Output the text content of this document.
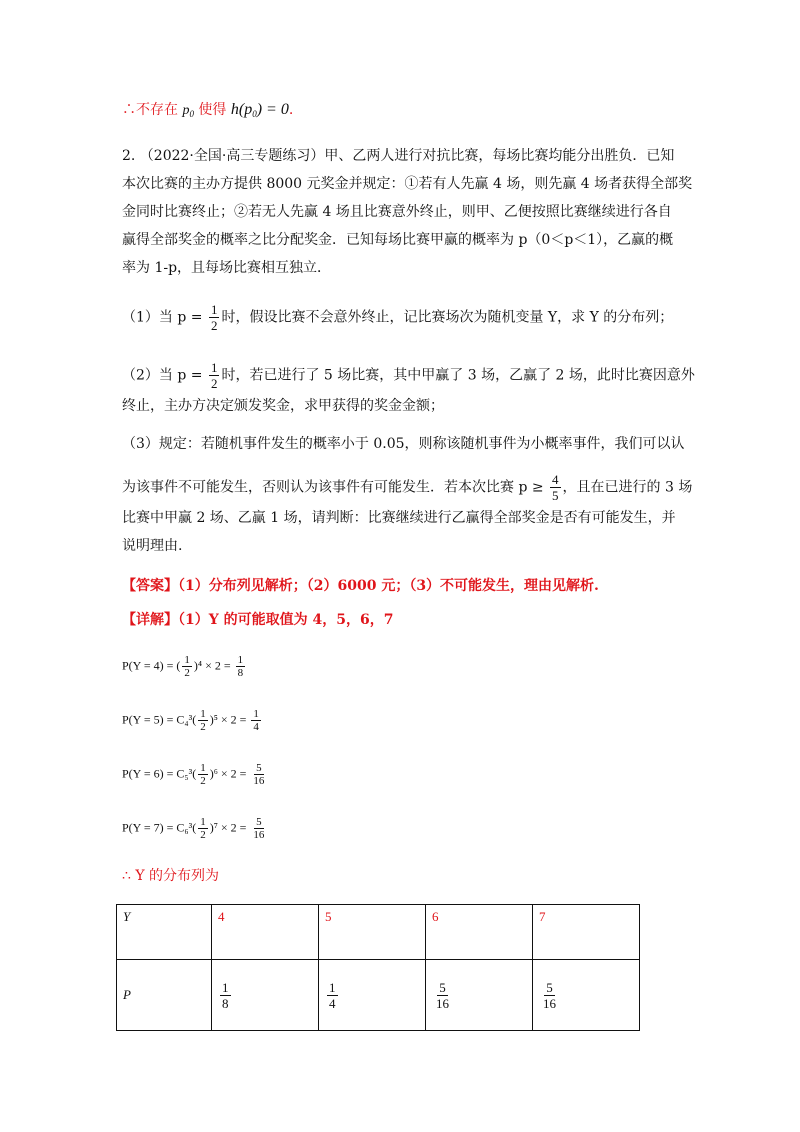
∴不存在 $p_0$ 使得 $h(p_0) = 0$.
2. （2022·全国·高三专题练习）甲、乙两人进行对抗比赛，每场比赛均能分出胜负．已知
本次比赛的主办方提供 8000 元奖金并规定：①若有人先赢 4 场，则先赢 4 场者获得全部奖
金同时比赛终止；②若无人先赢 4 场且比赛意外终止，则甲、乙便按照比赛继续进行各自
赢得全部奖金的概率之比分配奖金．已知每场比赛甲赢的概率为 p（0＜p＜1），乙赢的概
率为 1-p，且每场比赛相互独立．
（1）当 $p = \frac{1}{2}$ 时，假设比赛不会意外终止，记比赛场次为随机变量 Y，求 Y 的分布列；
（2）当 $p = \frac{1}{2}$ 时，若已进行了 5 场比赛，其中甲赢了 3 场，乙赢了 2 场，此时比赛因意外
终止，主办方决定颁发奖金，求甲获得的奖金金额；
（3）规定：若随机事件发生的概率小于 0.05，则称该随机事件为小概率事件，我们可以认
为该事件不可能发生，否则认为该事件有可能发生．若本次比赛 $p \ge \frac{4}{5}$ ，且在已进行的 3 场
比赛中甲赢 2 场、乙赢 1 场，请判断：比赛继续进行乙赢得全部奖金是否有可能发生，并
说明理由.
【答案】（1）分布列见解析；（2）6000 元；（3）不可能发生，理由见解析.
【详解】（1）Y 的可能取值为 4，5，6，7
P(Y = 4) = ( $\frac{1}{2} )^4 \times 2 = \frac{1}{8}$
$P(Y = 5) = C_4^3( \frac{1}{2} )^5 \times 2 = \frac{1}{4}$
$P(Y = 6) = C_5^3( \frac{1}{2} )^6 \times 2 = \frac{5}{16}$
$P(Y = 7) = C_6^3( \frac{1}{2} )^7 \times 2 = \frac{5}{16}$
∴ Y 的分布列为
Y	4	5	6	7
P	$\frac{1}{8}$	$\frac{1}{4}$	$\frac{5}{16}$	$\frac{5}{16}$
